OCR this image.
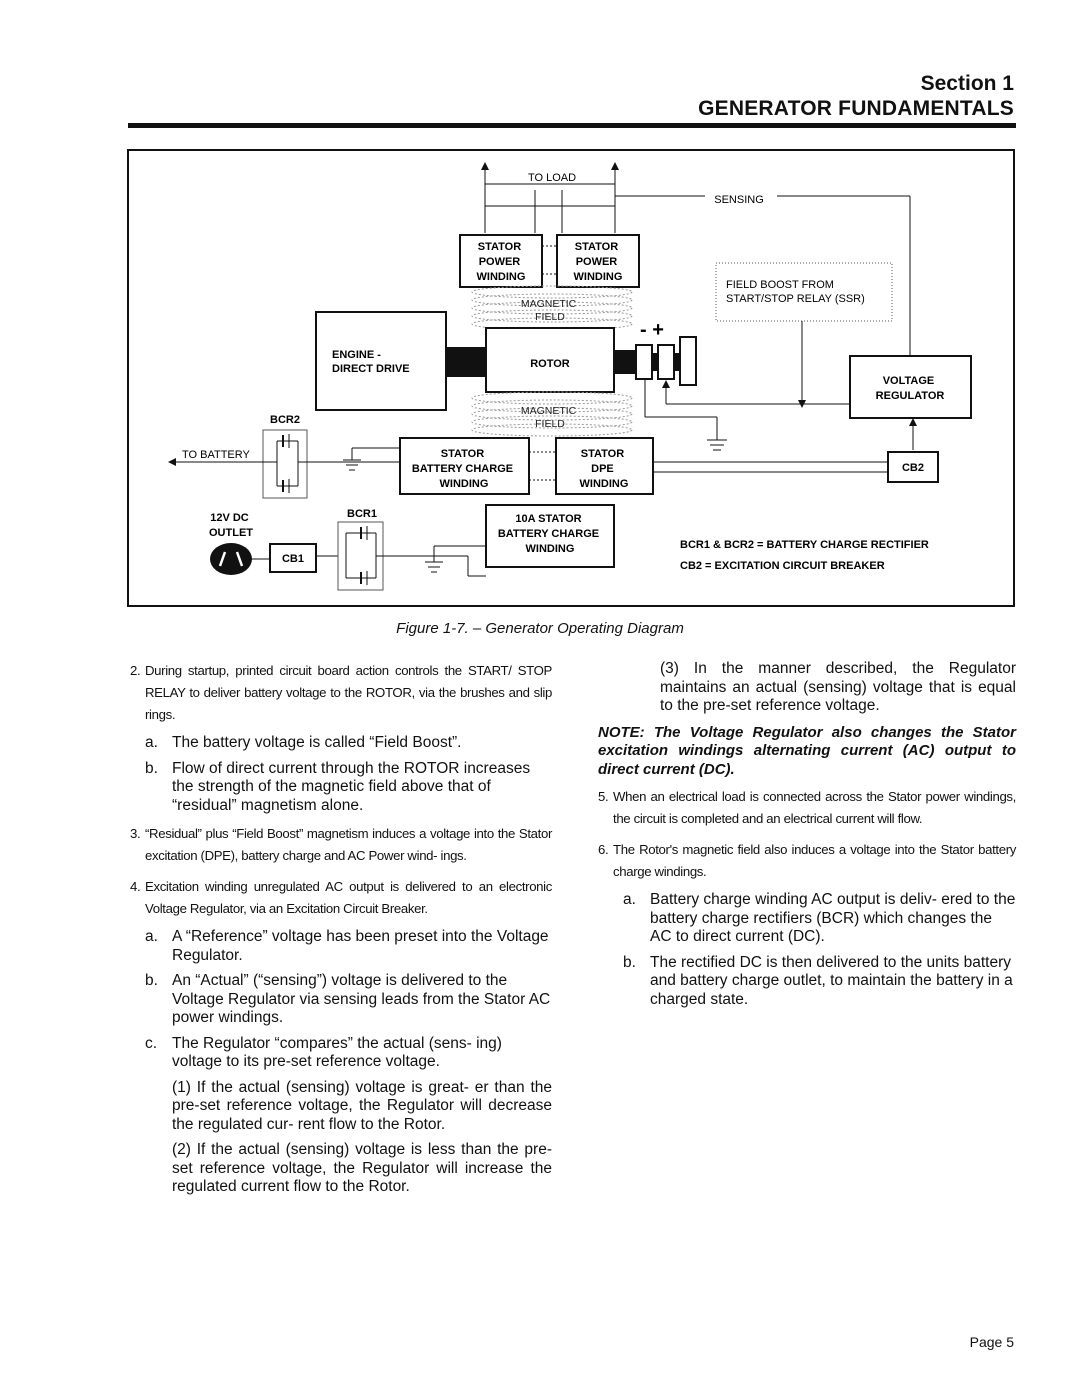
Section 1
GENERATOR FUNDAMENTALS
TO LOAD
SENSING
STATOR POWER WINDING
STATOR POWER WINDING
FIELD BOOST FROM START/STOP RELAY (SSR)
MAGNETIC FIELD
ENGINE - DIRECT DRIVE	ROTOR
- +
VOLTAGE REGULATOR
MAGNETIC FIELD
BCR2
TO BATTERY	STATOR BATTERY CHARGE WINDING
STATOR DPE WINDING
CB2
12V DC OUTLET
CB1
BCR1	10A STATOR BATTERY CHARGE WINDING	BCR1 & BCR2 = BATTERY CHARGE RECTIFIER
CB2 = EXCITATION CIRCUIT BREAKER
Figure 1-7. – Generator Operating Diagram
2. During startup, printed circuit board action controls the START/ STOP RELAY to deliver battery voltage to the ROTOR, via the brushes and slip rings.
a. The battery voltage is called “Field Boost”.
b. Flow of direct current through the ROTOR increases the strength of the magnetic field above that of “residual” magnetism alone.
3. “Residual” plus “Field Boost” magnetism induces a voltage into the Stator excitation (DPE), battery charge and AC Power wind- ings.
4. Excitation winding unregulated AC output is delivered to an electronic Voltage Regulator, via an Excitation Circuit Breaker.
a. A “Reference” voltage has been preset into the Voltage Regulator.
b. An “Actual” (“sensing”) voltage is delivered to the Voltage Regulator via sensing leads from the Stator AC power windings.
c. The Regulator “compares” the actual (sens- ing) voltage to its pre-set reference voltage.
(1) If the actual (sensing) voltage is great- er than the pre-set reference voltage, the Regulator will decrease the regulated cur- rent flow to the Rotor.
(2) If the actual (sensing) voltage is less than the pre-set reference voltage, the Regulator will increase the regulated current flow to the Rotor.
(3) In the manner described, the Regulator maintains an actual (sensing) voltage that is equal to the pre-set reference voltage.
NOTE: The Voltage Regulator also changes the Stator excitation windings alternating current (AC) output to direct current (DC).
5. When an electrical load is connected across the Stator power windings, the circuit is completed and an electrical current will flow.
6. The Rotor's magnetic field also induces a voltage into the Stator battery charge windings.
a. Battery charge winding AC output is deliv- ered to the battery charge rectifiers (BCR) which changes the AC to direct current (DC).
b. The rectified DC is then delivered to the units battery and battery charge outlet, to maintain the battery in a charged state.
Page 5
